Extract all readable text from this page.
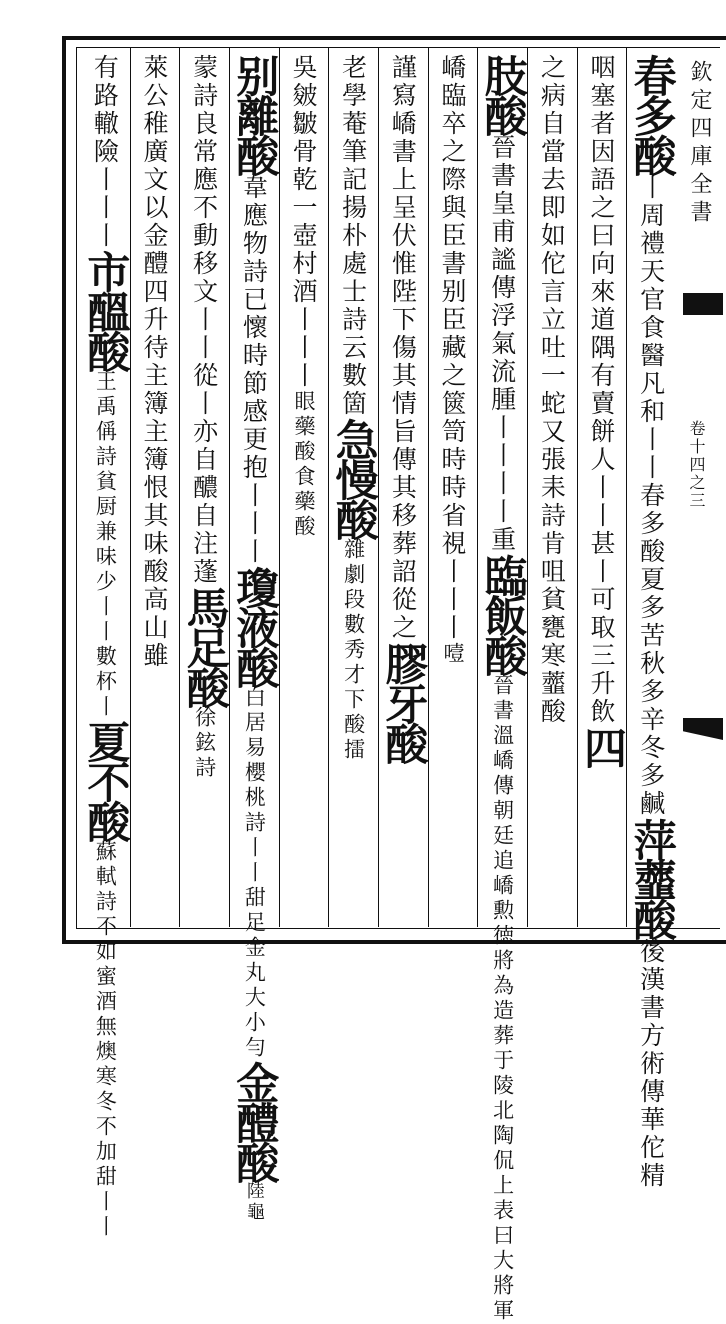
欽定四庫全書
卷十四之三
春多酸
丨周禮天官食醫凡和丨丨春多酸夏多苦秋多辛冬多鹹
萍虀酸
後漢書方術傳華佗精
咽塞者因語之曰向來道隅有賣餅人丨丨甚丨可取三升飲
四
之病自當去即如佗言立吐一蛇又張耒詩肯咀貧甕寒虀酸
肢酸
晉書皇甫謐傳浮氣流腫丨丨丨丨重
臨飯酸
晉書溫嶠傳朝廷追嶠勲徳將為造葬于陵北陶侃上表曰大將軍
嶠臨卒之際與臣書别臣藏之篋笥時時省視丨丨丨
噎
謹寫嶠書上呈伏惟陛下傷其情旨傳其移葬詔從之
膠牙酸
老學菴筆記揚朴處士詩云數箇
急慢酸
雜劇段數秀才下酸擂
吳皴皺骨乾一壺村酒丨丨丨
眼藥酸食藥酸
别離酸
韋應物詩已懷時節感更抱丨丨丨
瓊液酸
白居易櫻桃詩丨丨甜足金丸大小勻
金醴酸
陸龜
蒙詩良常應不動移文丨丨從丨亦自醲自注蓬
馬足酸
徐鉉詩
萊公稚廣文以金醴四升待主簿主簿恨其味酸高山雖
有路轍險丨丨丨
市醞酸
王禹偁詩貧厨兼味少丨丨數杯丨
夏不酸
蘇軾詩不如蜜酒無燠寒冬不加甜丨丨
